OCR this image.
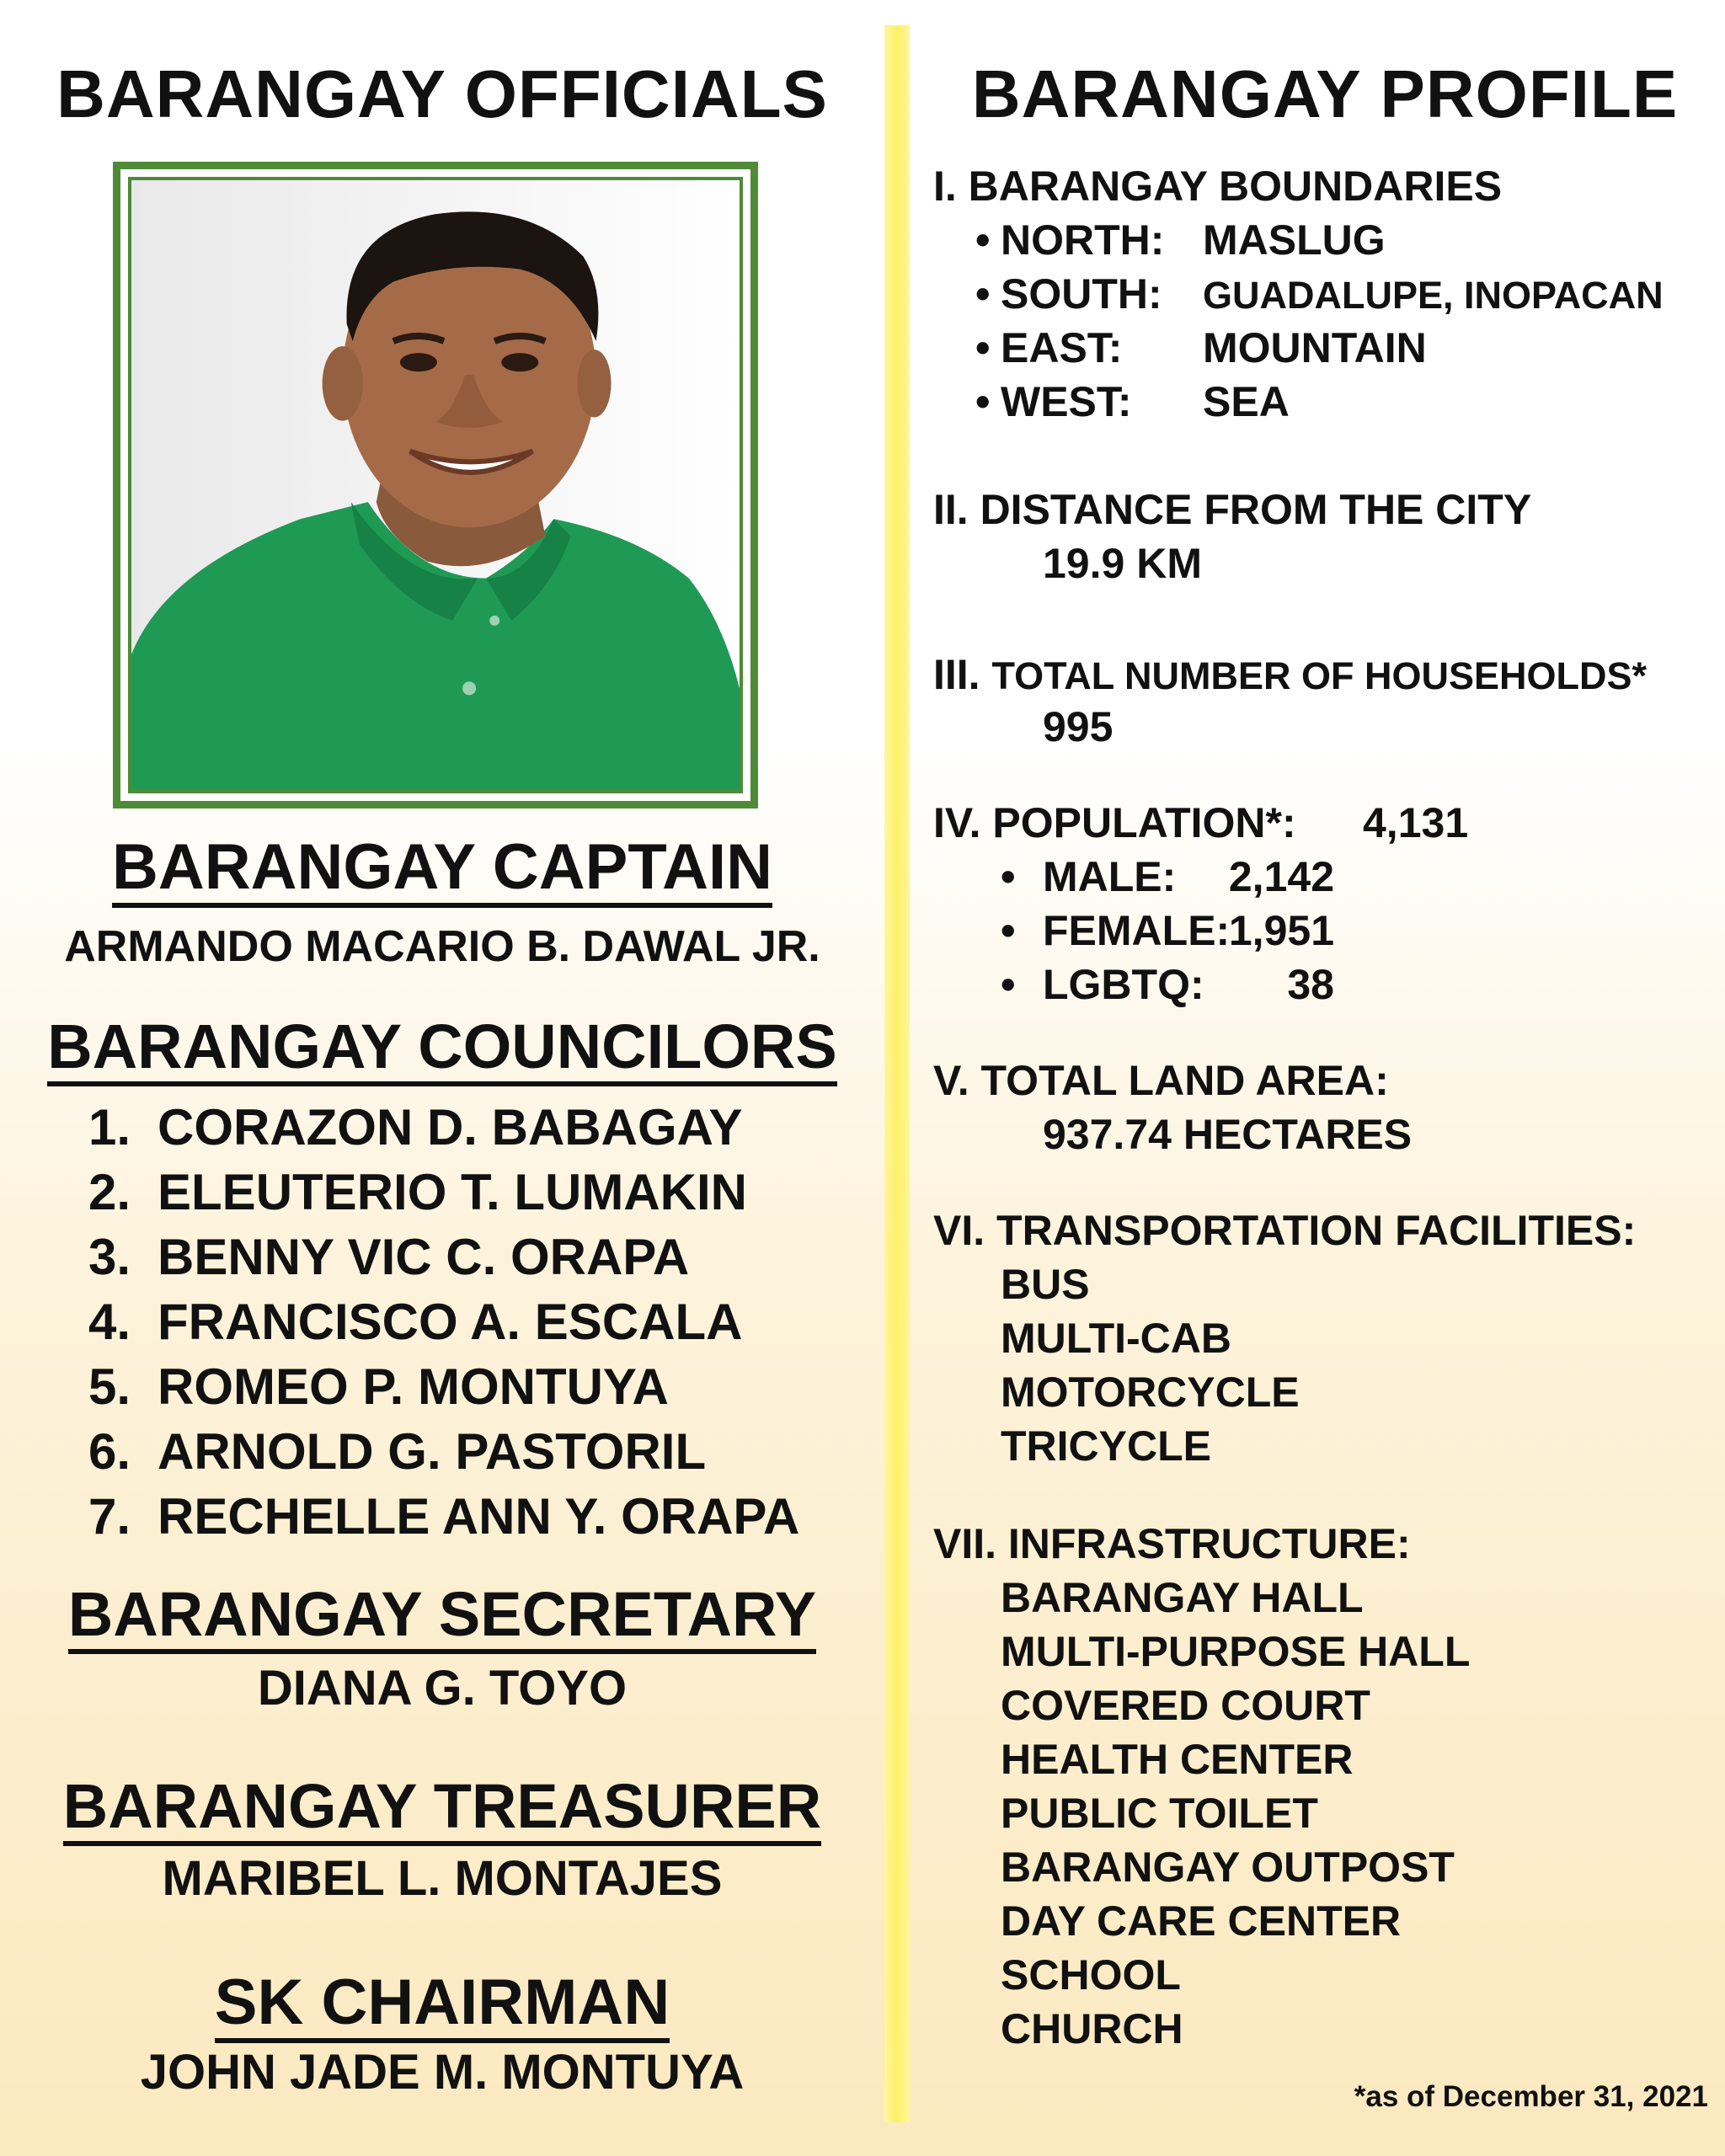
BARANGAY OFFICIALS
BARANGAY CAPTAIN
ARMANDO MACARIO B. DAWAL JR.
BARANGAY COUNCILORS
1. CORAZON D. BABAGAY
2. ELEUTERIO T. LUMAKIN
3. BENNY VIC C. ORAPA
4. FRANCISCO A. ESCALA
5. ROMEO P. MONTUYA
6. ARNOLD G. PASTORIL
7. RECHELLE ANN Y. ORAPA
BARANGAY SECRETARY
DIANA G. TOYO
BARANGAY TREASURER
MARIBEL L. MONTAJES
SK CHAIRMAN
JOHN JADE M. MONTUYA
BARANGAY PROFILE
I. BARANGAY BOUNDARIES
• NORTH: MASLUG
• SOUTH: GUADALUPE, INOPACAN
• EAST: MOUNTAIN
• WEST: SEA
II. DISTANCE FROM THE CITY
19.9 KM
III. TOTAL NUMBER OF HOUSEHOLDS*
995
IV. POPULATION*: 4,131
• MALE: 2,142
• FEMALE:1,951
• LGBTQ: 38
V. TOTAL LAND AREA:
937.74 HECTARES
VI. TRANSPORTATION FACILITIES:
BUS
MULTI-CAB
MOTORCYCLE
TRICYCLE
VII. INFRASTRUCTURE:
BARANGAY HALL
MULTI-PURPOSE HALL
COVERED COURT
HEALTH CENTER
PUBLIC TOILET
BARANGAY OUTPOST
DAY CARE CENTER
SCHOOL
CHURCH
*as of December 31, 2021
